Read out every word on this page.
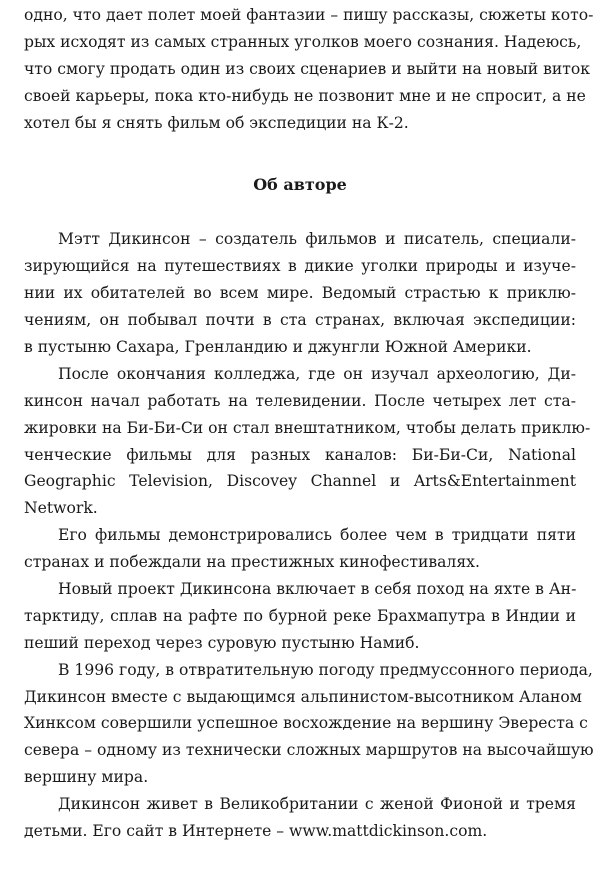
одно, что дает полет моей фантазии – пишу рассказы, сюжеты кото-
рых исходят из самых странных уголков моего сознания. Надеюсь,
что смогу продать один из своих сценариев и выйти на новый виток
своей карьеры, пока кто-нибудь не позвонит мне и не спросит, а не
хотел бы я снять фильм об экспедиции на К-2.
Об авторе
Мэтт Дикинсон – создатель фильмов и писатель, специали-
зирующийся на путешествиях в дикие уголки природы и изуче-
нии их обитателей во всем мире. Ведомый страстью к приклю-
чениям, он побывал почти в ста странах, включая экспедиции:
в пустыню Сахара, Гренландию и джунгли Южной Америки.
После окончания колледжа, где он изучал археологию, Ди-
кинсон начал работать на телевидении. После четырех лет ста-
жировки на Би-Би-Си он стал внештатником, чтобы делать приклю-
ченческие фильмы для разных каналов: Би-Би-Си, National
Geographic Television, Discovey Channel и Arts&Entertainment
Network.
Его фильмы демонстрировались более чем в тридцати пяти
странах и побеждали на престижных кинофестивалях.
Новый проект Дикинсона включает в себя поход на яхте в Ан-
тарктиду, сплав на рафте по бурной реке Брахмапутра в Индии и
пеший переход через суровую пустыню Намиб.
В 1996 году, в отвратительную погоду предмуссонного периода,
Дикинсон вместе с выдающимся альпинистом-высотником Аланом
Хинксом совершили успешное восхождение на вершину Эвереста с
севера – одному из технически сложных маршрутов на высочайшую
вершину мира.
Дикинсон живет в Великобритании с женой Фионой и тремя
детьми. Его сайт в Интернете – www.mattdickinson.com.
